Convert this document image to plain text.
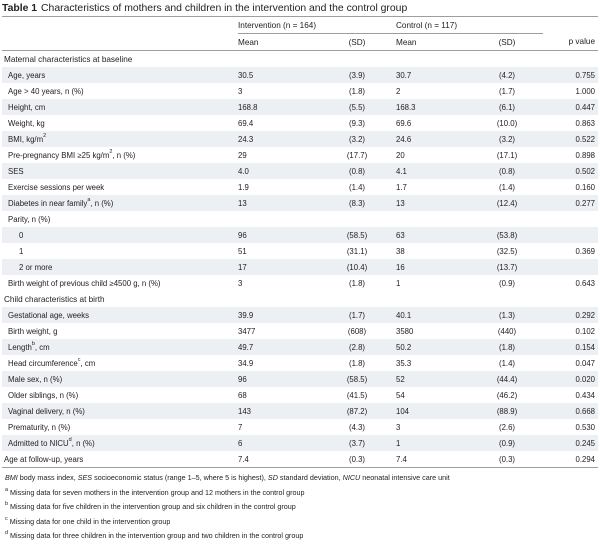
Table 1 Characteristics of mothers and children in the intervention and the control group
	Intervention (n = 164)		Control (n = 117)		
	Mean	(SD)	Mean	(SD)	p value
Maternal characteristics at baseline					
Age, years	30.5	(3.9)	30.7	(4.2)	0.755
Age > 40 years, n (%)	3	(1.8)	2	(1.7)	1.000
Height, cm	168.8	(5.5)	168.3	(6.1)	0.447
Weight, kg	69.4	(9.3)	69.6	(10.0)	0.863
BMI, $kg/m^2$	24.3	(3.2)	24.6	(3.2)	0.522
Pre-pregnancy BMI ≥25 $kg/m^2$, n (%)	29	(17.7)	20	(17.1)	0.898
SES	4.0	(0.8)	4.1	(0.8)	0.502
Exercise sessions per week	1.9	(1.4)	1.7	(1.4)	0.160
Diabetes in near family$^a$, n (%)	13	(8.3)	13	(12.4)	0.277
Parity, n (%)					
0	96	(58.5)	63	(53.8)	
1	51	(31.1)	38	(32.5)	0.369
2 or more	17	(10.4)	16	(13.7)	
Birth weight of previous child ≥4500 g, n (%)	3	(1.8)	1	(0.9)	0.643
Child characteristics at birth					
Gestational age, weeks	39.9	(1.7)	40.1	(1.3)	0.292
Birth weight, g	3477	(608)	3580	(440)	0.102
Length$^b$, cm	49.7	(2.8)	50.2	(1.8)	0.154
Head circumference$^c$, cm	34.9	(1.8)	35.3	(1.4)	0.047
Male sex, n (%)	96	(58.5)	52	(44.4)	0.020
Older siblings, n (%)	68	(41.5)	54	(46.2)	0.434
Vaginal delivery, n (%)	143	(87.2)	104	(88.9)	0.668
Prematurity, n (%)	7	(4.3)	3	(2.6)	0.530
Admitted to NICU$^d$, n (%)	6	(3.7)	1	(0.9)	0.245
Age at follow-up, years	7.4	(0.3)	7.4	(0.3)	0.294
BMI body mass index, SES socioeconomic status (range 1–5, where 5 is highest), SD standard deviation, NICU neonatal intensive care unit
$^a$ Missing data for seven mothers in the intervention group and 12 mothers in the control group
$^b$ Missing data for five children in the intervention group and six children in the control group
$^c$ Missing data for one child in the intervention group
$^d$ Missing data for three children in the intervention group and two children in the control group
